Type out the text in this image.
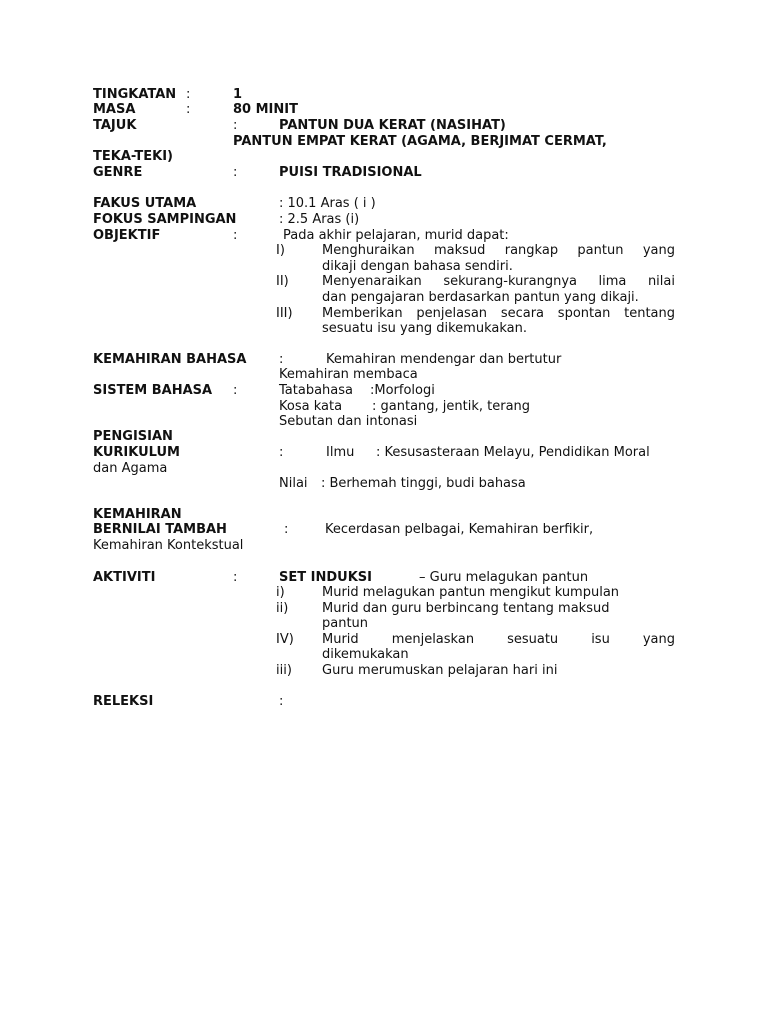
TINGKATAN :	1
MASA	:	80 MINIT
TAJUK	:	PANTUN DUA KERAT (NASIHAT)
PANTUN EMPAT KERAT (AGAMA, BERJIMAT CERMAT,
TEKA-TEKI)
GENRE	:	PUISI TRADISIONAL
FAKUS UTAMA	: 10.1 Aras ( i )
FOKUS SAMPINGAN	: 2.5 Aras (i)
OBJEKTIF	:	Pada akhir pelajaran, murid dapat:
I)	Menghuraikan maksud rangkap pantun yang
dikaji dengan bahasa sendiri.
II)	Menyenaraikan sekurang-kurangnya lima nilai
dan pengajaran berdasarkan pantun yang dikaji.
III) Memberikan penjelasan secara spontan tentang
sesuatu isu yang dikemukakan.
KEMAHIRAN BAHASA	:	Kemahiran mendengar dan bertutur
Kemahiran membaca
SISTEM BAHASA :	Tatabahasa :Morfologi
Kosa kata : gantang, jentik, terang
Sebutan dan intonasi
PENGISIAN
KURIKULUM	:	Ilmu : Kesusasteraan Melayu, Pendidikan Moral
dan Agama
Nilai : Berhemah tinggi, budi bahasa
KEMAHIRAN
BERNILAI TAMBAH	:	Kecerdasan pelbagai, Kemahiran berfikir,
Kemahiran Kontekstual
AKTIVITI	:	SET INDUKSI	– Guru melagukan pantun
i)	Murid melagukan pantun mengikut kumpulan
ii)	Murid dan guru berbincang tentang maksud
pantun
IV) Murid	menjelaskan	sesuatu	isu	yang
dikemukakan
iii) Guru merumuskan pelajaran hari ini
RELEKSI	:
